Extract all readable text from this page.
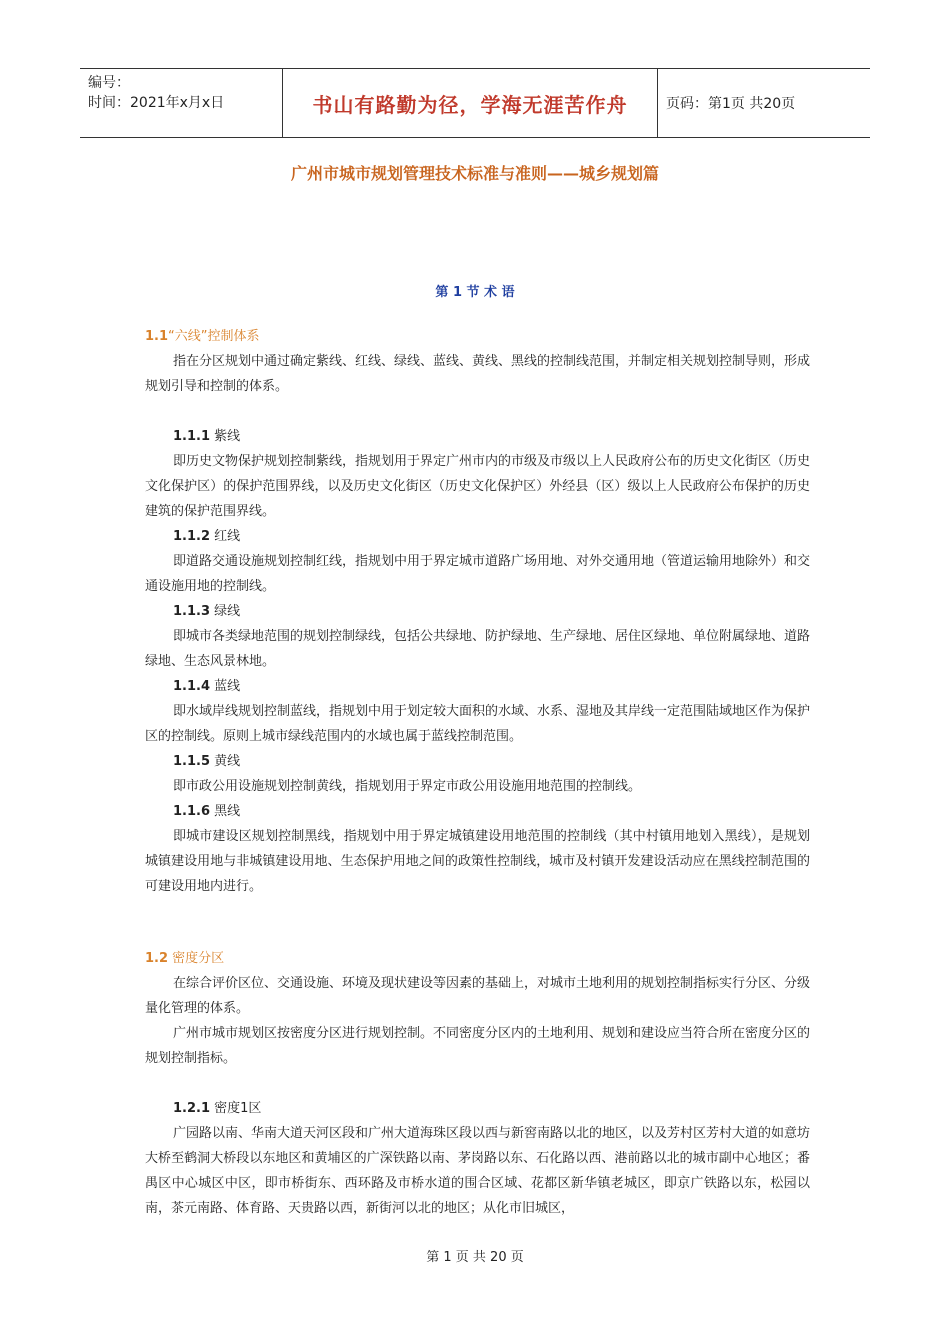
编号：
时间：2021年x月x日	书山有路勤为径，学海无涯苦作舟	页码：第1页 共20页
广州市城市规划管理技术标准与准则——城乡规划篇
第 1 节 术 语
1.1“六线”控制体系
指在分区规划中通过确定紫线、红线、绿线、蓝线、黄线、黑线的控制线范围，并制定相关规划控制导则，形成规划引导和控制的体系。
1.1.1 紫线
即历史文物保护规划控制紫线，指规划用于界定广州市内的市级及市级以上人民政府公布的历史文化街区（历史文化保护区）的保护范围界线，以及历史文化街区（历史文化保护区）外经县（区）级以上人民政府公布保护的历史建筑的保护范围界线。
1.1.2 红线
即道路交通设施规划控制红线，指规划中用于界定城市道路广场用地、对外交通用地（管道运输用地除外）和交通设施用地的控制线。
1.1.3 绿线
即城市各类绿地范围的规划控制绿线，包括公共绿地、防护绿地、生产绿地、居住区绿地、单位附属绿地、道路绿地、生态风景林地。
1.1.4 蓝线
即水域岸线规划控制蓝线，指规划中用于划定较大面积的水域、水系、湿地及其岸线一定范围陆域地区作为保护区的控制线。原则上城市绿线范围内的水域也属于蓝线控制范围。
1.1.5 黄线
即市政公用设施规划控制黄线，指规划用于界定市政公用设施用地范围的控制线。
1.1.6 黑线
即城市建设区规划控制黑线，指规划中用于界定城镇建设用地范围的控制线（其中村镇用地划入黑线），是规划城镇建设用地与非城镇建设用地、生态保护用地之间的政策性控制线，城市及村镇开发建设活动应在黑线控制范围的可建设用地内进行。
1.2 密度分区
在综合评价区位、交通设施、环境及现状建设等因素的基础上，对城市土地利用的规划控制指标实行分区、分级量化管理的体系。
广州市城市规划区按密度分区进行规划控制。不同密度分区内的土地利用、规划和建设应当符合所在密度分区的规划控制指标。
1.2.1 密度1区
广园路以南、华南大道天河区段和广州大道海珠区段以西与新窖南路以北的地区，以及芳村区芳村大道的如意坊大桥至鹤洞大桥段以东地区和黄埔区的广深铁路以南、茅岗路以东、石化路以西、港前路以北的城市副中心地区；番禺区中心城区中区，即市桥街东、西环路及市桥水道的围合区域、花都区新华镇老城区，即京广铁路以东，松园以南，茶元南路、体育路、天贵路以西，新街河以北的地区；从化市旧城区，
第 1 页 共 20 页
